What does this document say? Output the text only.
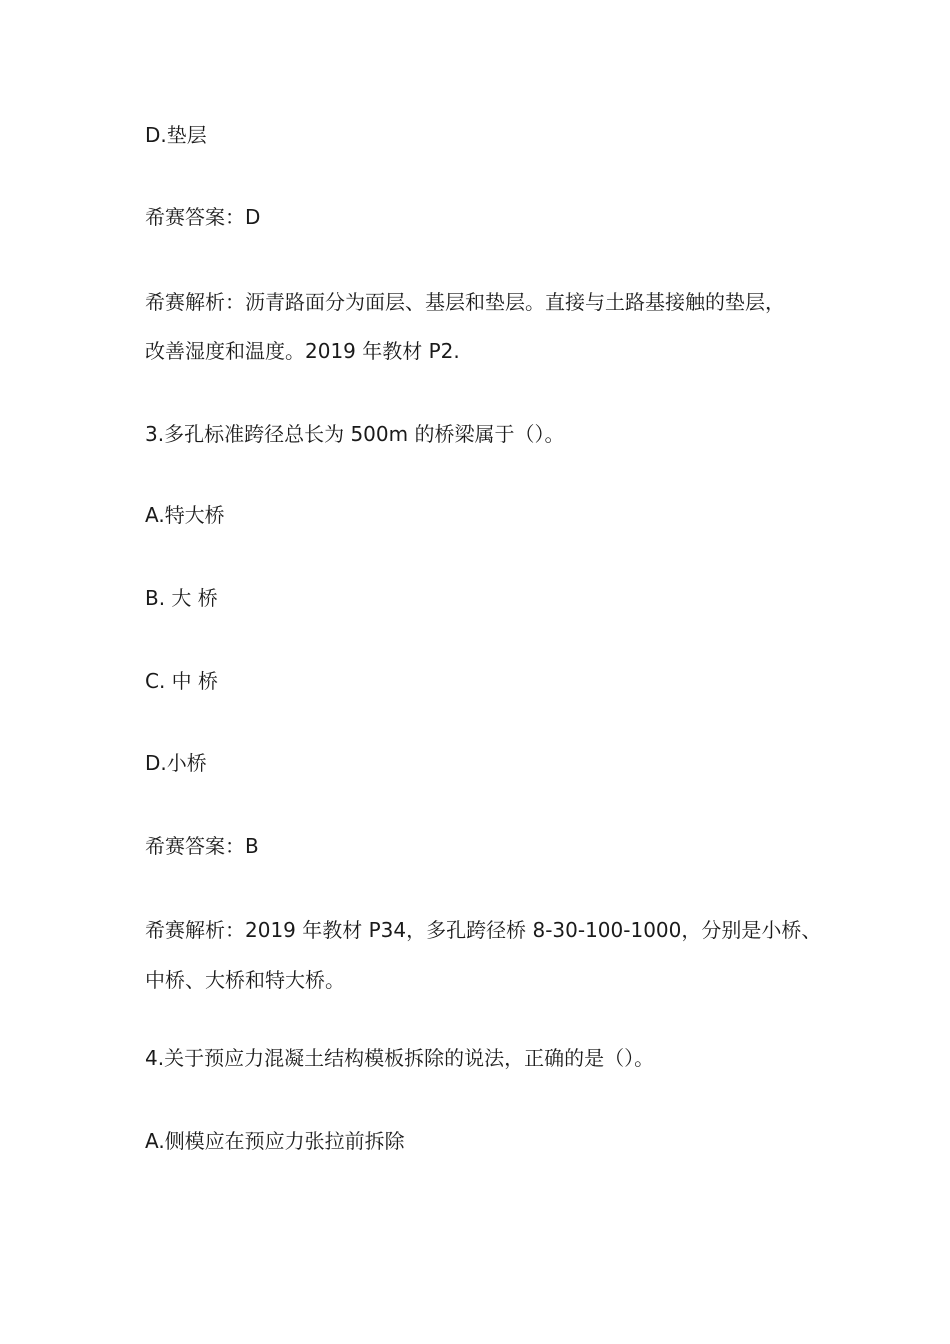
D.垫层
希赛答案：D
希赛解析：沥青路面分为面层、基层和垫层。直接与土路基接触的垫层，
改善湿度和温度。2019 年教材 P2.
3.多孔标准跨径总长为 500m 的桥梁属于（）。
A.特大桥
B. 大 桥
C. 中 桥
D.小桥
希赛答案：B
希赛解析：2019 年教材 P34，多孔跨径桥 8-30-100-1000，分别是小桥、
中桥、大桥和特大桥。
4.关于预应力混凝土结构模板拆除的说法，正确的是（）。
A.侧模应在预应力张拉前拆除
